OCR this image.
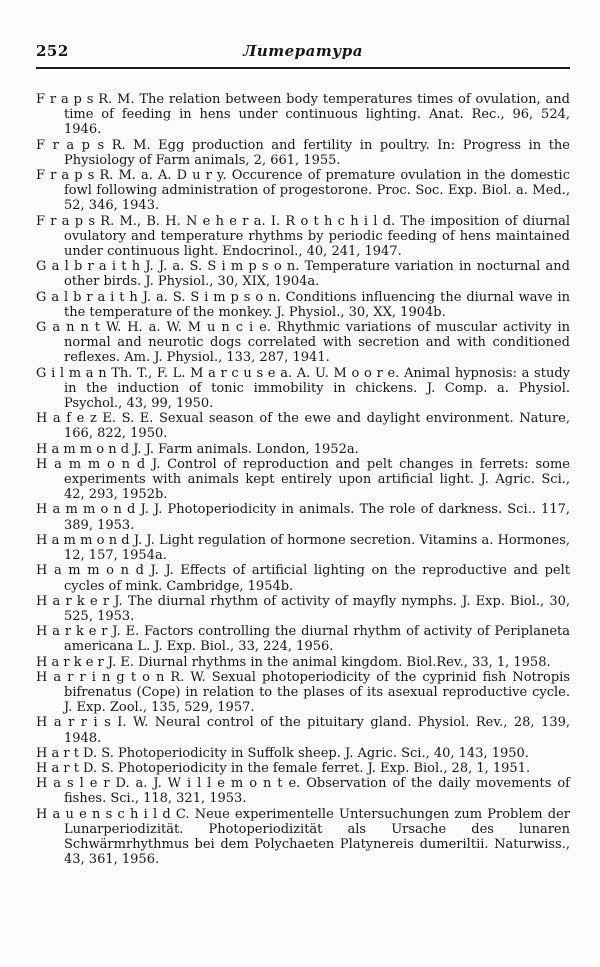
252	Литература

F r a p s R. M. The relation between body temperatures times of ovulation, and time of feeding in hens under continuous lighting. Anat. Rec., 96, 524, 1946.

F r a p s R. M. Egg production and fertility in poultry. In: Progress in the Physiology of Farm animals, 2, 661, 1955.

F r a p s R. M. a. A. D u r y. Occurence of premature ovulation in the domestic fowl following administration of progestorone. Proc. Soc. Exp. Biol. a. Med., 52, 346, 1943.

F r a p s R. M., B. H. N e h e r a. I. R o t h c h i l d. The imposition of diurnal ovulatory and temperature rhythms by periodic feeding of hens maintained under continuous light. Endocrinol., 40, 241, 1947.

G a l b r a i t h J. J. a. S. S i m p s o n. Temperature variation in nocturnal and other birds. J. Physiol., 30, XIX, 1904a.

G a l b r a i t h J. a. S. S i m p s o n. Conditions influencing the diurnal wave in the temperature of the monkey. J. Physiol., 30, XX, 1904b.

G a n n t W. H. a. W. M u n c i e. Rhythmic variations of muscular activity in normal and neurotic dogs correlated with secretion and with conditioned reflexes. Am. J. Physiol., 133, 287, 1941.

G i l m a n Th. T., F. L. M a r c u s e a. A. U. M o o r e. Animal hypnosis: a study in the induction of tonic immobility in chickens. J. Comp. a. Physiol. Psychol., 43, 99, 1950.

H a f e z E. S. E. Sexual season of the ewe and daylight environment. Nature, 166, 822, 1950.

H a m m o n d J. J. Farm animals. London, 1952a.

H a m m o n d J. Control of reproduction and pelt changes in ferrets: some experiments with animals kept entirely upon artificial light. J. Agric. Sci., 42, 293, 1952b.

H a m m o n d J. J. Photoperiodicity in animals. The role of darkness. Sci.. 117, 389, 1953.

H a m m o n d J. J. Light regulation of hormone secretion. Vitamins a. Hormones, 12, 157, 1954a.

H a m m o n d J. J. Effects of artificial lighting on the reproductive and pelt cycles of mink. Cambridge, 1954b.

H a r k e r J. The diurnal rhythm of activity of mayfly nymphs. J. Exp. Biol., 30, 525, 1953.

H a r k e r J. E. Factors controlling the diurnal rhythm of activity of Periplaneta americana L. J. Exp. Biol., 33, 224, 1956.

H a r k e r J. E. Diurnal rhythms in the animal kingdom. Biol.Rev., 33, 1, 1958.

H a r r i n g t o n R. W. Sexual photoperiodicity of the cyprinid fish Notropis bifrenatus (Cope) in relation to the plases of its asexual reproductive cycle. J. Exp. Zool., 135, 529, 1957.

H a r r i s I. W. Neural control of the pituitary gland. Physiol. Rev., 28, 139, 1948.

H a r t D. S. Photoperiodicity in Suffolk sheep. J. Agric. Sci., 40, 143, 1950.

H a r t D. S. Photoperiodicity in the female ferret. J. Exp. Biol., 28, 1, 1951.

H a s l e r D. a. J. W i l l e m o n t e. Observation of the daily movements of fishes. Sci., 118, 321, 1953.

H a u e n s c h i l d C. Neue experimentelle Untersuchungen zum Problem der Lunarperiodizität. Photoperiodizität als Ursache des lunaren Schwärmrhythmus bei dem Polychaeten Platynereis dumeriltii. Naturwiss., 43, 361, 1956.
